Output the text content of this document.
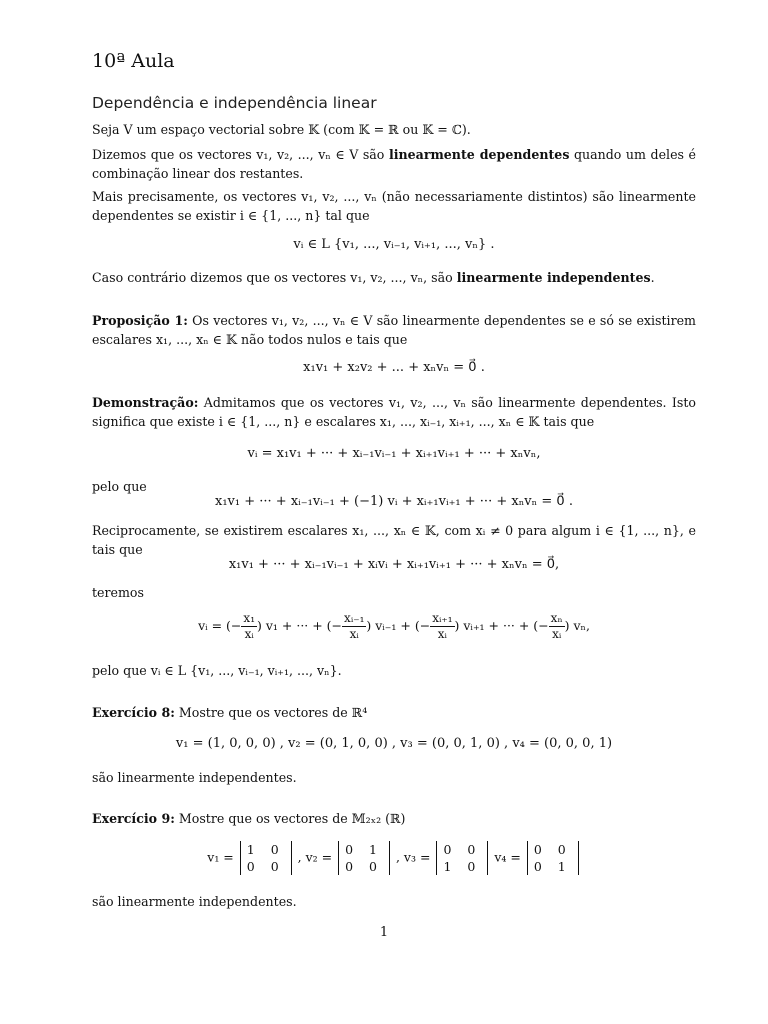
10ª Aula
Dependência e independência linear

Seja V um espaço vectorial sobre 𝕂 (com 𝕂 = ℝ ou 𝕂 = ℂ).

Dizemos que os vectores v₁, v₂, ..., vₙ ∈ V são linearmente dependentes quando um deles é combinação linear dos restantes.

Mais precisamente, os vectores v₁, v₂, ..., vₙ (não necessariamente distintos) são linearmente dependentes se existir i ∈ {1, ..., n} tal que

vᵢ ∈ L {v₁, ..., vᵢ₋₁, vᵢ₊₁, ..., vₙ} .

Caso contrário dizemos que os vectores v₁, v₂, ..., vₙ, são linearmente independentes.

Proposição 1: Os vectores v₁, v₂, ..., vₙ ∈ V são linearmente dependentes se e só se existirem escalares x₁, ..., xₙ ∈ 𝕂 não todos nulos e tais que

x₁v₁ + x₂v₂ + ... + xₙvₙ = 0⃗ .

Demonstração: Admitamos que os vectores v₁, v₂, ..., vₙ são linearmente dependentes. Isto significa que existe i ∈ {1, ..., n} e escalares x₁, ..., xᵢ₋₁, xᵢ₊₁, ..., xₙ ∈ 𝕂 tais que

vᵢ = x₁v₁ + ··· + xᵢ₋₁vᵢ₋₁ + xᵢ₊₁vᵢ₊₁ + ··· + xₙvₙ,

pelo que

x₁v₁ + ··· + xᵢ₋₁vᵢ₋₁ + (−1) vᵢ + xᵢ₊₁vᵢ₊₁ + ··· + xₙvₙ = 0⃗ .

Reciprocamente, se existirem escalares x₁, ..., xₙ ∈ 𝕂, com xᵢ ≠ 0 para algum i ∈ {1, ..., n}, e tais que

x₁v₁ + ··· + xᵢ₋₁vᵢ₋₁ + xᵢvᵢ + xᵢ₊₁vᵢ₊₁ + ··· + xₙvₙ = 0⃗,

teremos

vᵢ = (− $\frac{\text{x₁}}{\text{xᵢ}}$ ) v₁ + ··· + (− $\frac{\text{xᵢ₋₁}}{\text{xᵢ}}$ ) vᵢ₋₁ + (− $\frac{\text{xᵢ₊₁}}{\text{xᵢ}}$ ) vᵢ₊₁ + ··· + (− $\frac{\text{xₙ}}{\text{xᵢ}}$ ) vₙ,

pelo que vᵢ ∈ L {v₁, ..., vᵢ₋₁, vᵢ₊₁, ..., vₙ}.

Exercício 8: Mostre que os vectores de ℝ⁴

v₁ = (1, 0, 0, 0) , v₂ = (0, 1, 0, 0) , v₃ = (0, 0, 1, 0) , v₄ = (0, 0, 0, 1)

são linearmente independentes.

Exercício 9: Mostre que os vectores de 𝕄₂ₓ₂ (ℝ)

v₁ = 1 0
0 0
, v₂ = 0 1
0 0
, v₃ = 0 0
1 0
v₄ = 0 0
0 1

são linearmente independentes.

1
